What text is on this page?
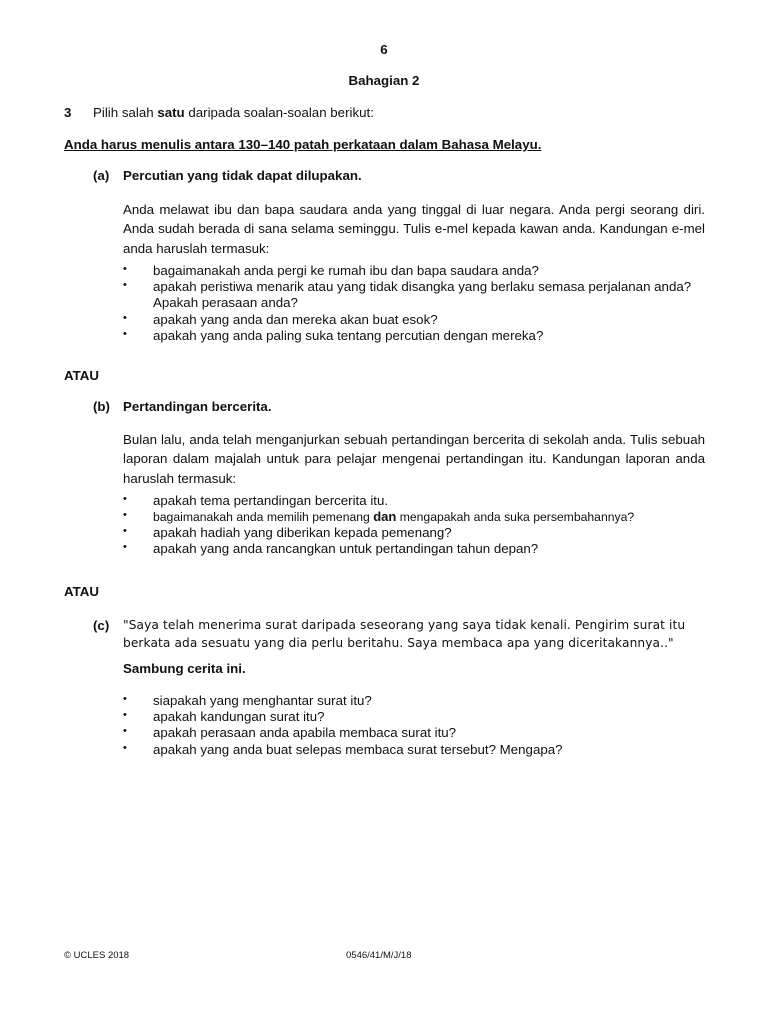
6
Bahagian 2
3 Pilih salah satu daripada soalan-soalan berikut:
Anda harus menulis antara 130–140 patah perkataan dalam Bahasa Melayu.
(a) Percutian yang tidak dapat dilupakan.
Anda melawat ibu dan bapa saudara anda yang tinggal di luar negara. Anda pergi seorang diri. Anda sudah berada di sana selama seminggu. Tulis e-mel kepada kawan anda. Kandungan e-mel anda haruslah termasuk:
• bagaimanakah anda pergi ke rumah ibu dan bapa saudara anda?
• apakah peristiwa menarik atau yang tidak disangka yang berlaku semasa perjalanan anda? Apakah perasaan anda?
• apakah yang anda dan mereka akan buat esok?
• apakah yang anda paling suka tentang percutian dengan mereka?
ATAU
(b) Pertandingan bercerita.
Bulan lalu, anda telah menganjurkan sebuah pertandingan bercerita di sekolah anda. Tulis sebuah laporan dalam majalah untuk para pelajar mengenai pertandingan itu. Kandungan laporan anda haruslah termasuk:
• apakah tema pertandingan bercerita itu.
• bagaimanakah anda memilih pemenang dan mengapakah anda suka persembahannya?
• apakah hadiah yang diberikan kepada pemenang?
• apakah yang anda rancangkan untuk pertandingan tahun depan?
ATAU
(c) "Saya telah menerima surat daripada seseorang yang saya tidak kenali. Pengirim surat itu berkata ada sesuatu yang dia perlu beritahu. Saya membaca apa yang diceritakannya.."
Sambung cerita ini.
• siapakah yang menghantar surat itu?
• apakah kandungan surat itu?
• apakah perasaan anda apabila membaca surat itu?
• apakah yang anda buat selepas membaca surat tersebut? Mengapa?
© UCLES 2018	0546/41/M/J/18
